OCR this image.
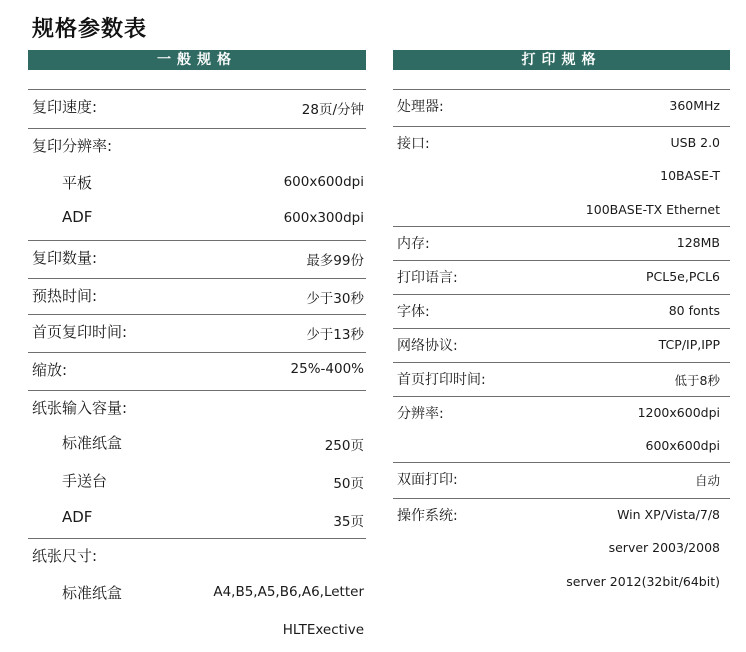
规格参数表
一般规格
复印速度:	28页/分钟
复印分辨率:
平板	600x600dpi
ADF	600x300dpi
复印数量:	最多99份
预热时间:	少于30秒
首页复印时间:	少于13秒
缩放:	25%-400%
纸张输入容量:
标准纸盒	250页
手送台	50页
ADF	35页
纸张尺寸:
标准纸盒	A4,B5,A5,B6,A6,Letter
HLTExective
打印规格
处理器:	360MHz
接口:	USB 2.0
10BASE-T
100BASE-TX Ethernet
内存:	128MB
打印语言:	PCL5e,PCL6
字体:	80 fonts
网络协议:	TCP/IP,IPP
首页打印时间:	低于8秒
分辨率:	1200x600dpi
600x600dpi
双面打印:	自动
操作系统:	Win XP/Vista/7/8
server 2003/2008
server 2012(32bit/64bit)
